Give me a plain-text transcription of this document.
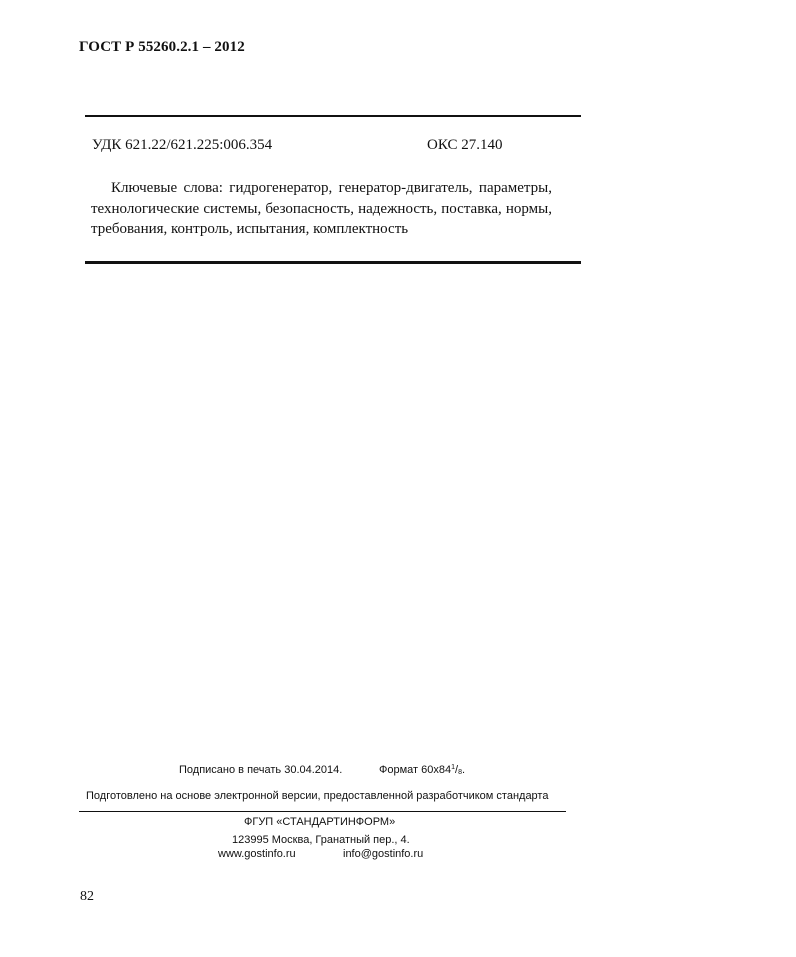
ГОСТ Р 55260.2.1 – 2012
УДК 621.22/621.225:006.354	ОКС 27.140
Ключевые слова: гидрогенератор, генератор-двигатель, параметры, технологические системы, безопасность, надежность, поставка, нормы, требования, контроль, испытания, комплектность
Подписано в печать 30.04.2014.	Формат $60x84^1/8$.
Подготовлено на основе электронной версии, предоставленной разработчиком стандарта
ФГУП «СТАНДАРТИНФОРМ»
123995 Москва, Гранатный пер., 4.
www.gostinfo.ru	info@gostinfo.ru
82
